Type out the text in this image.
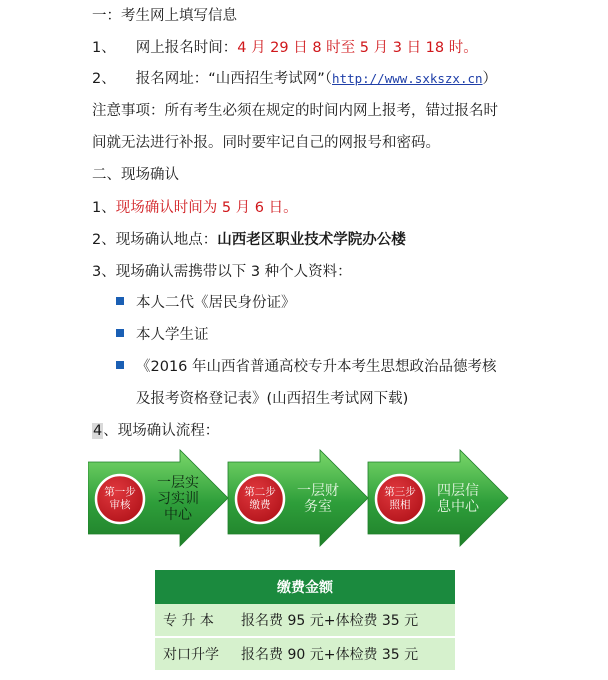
一：考生网上填写信息
1、 网上报名时间：4 月 29 日 8 时至 5 月 3 日 18 时。
2、 报名网址：“山西招生考试网”（http://www.sxkszx.cn）
注意事项：所有考生必须在规定的时间内网上报考，错过报名时
间就无法进行补报。同时要牢记自己的网报号和密码。
二、现场确认
1、现场确认时间为 5 月 6 日。
2、现场确认地点：山西老区职业技术学院办公楼
3、现场确认需携带以下 3 种个人资料：
本人二代《居民身份证》
本人学生证
《2016 年山西省普通高校专升本考生思想政治品德考核
及报考资格登记表》(山西招生考试网下载)
4、现场确认流程：
第一步
审核
一层实
习实训
中心
第二步
缴费
一层财
务室
第三步
照相
四层信
息中心
缴费金额	
专 升 本	报名费 95 元+体检费 35 元
对口升学	报名费 90 元+体检费 35 元
